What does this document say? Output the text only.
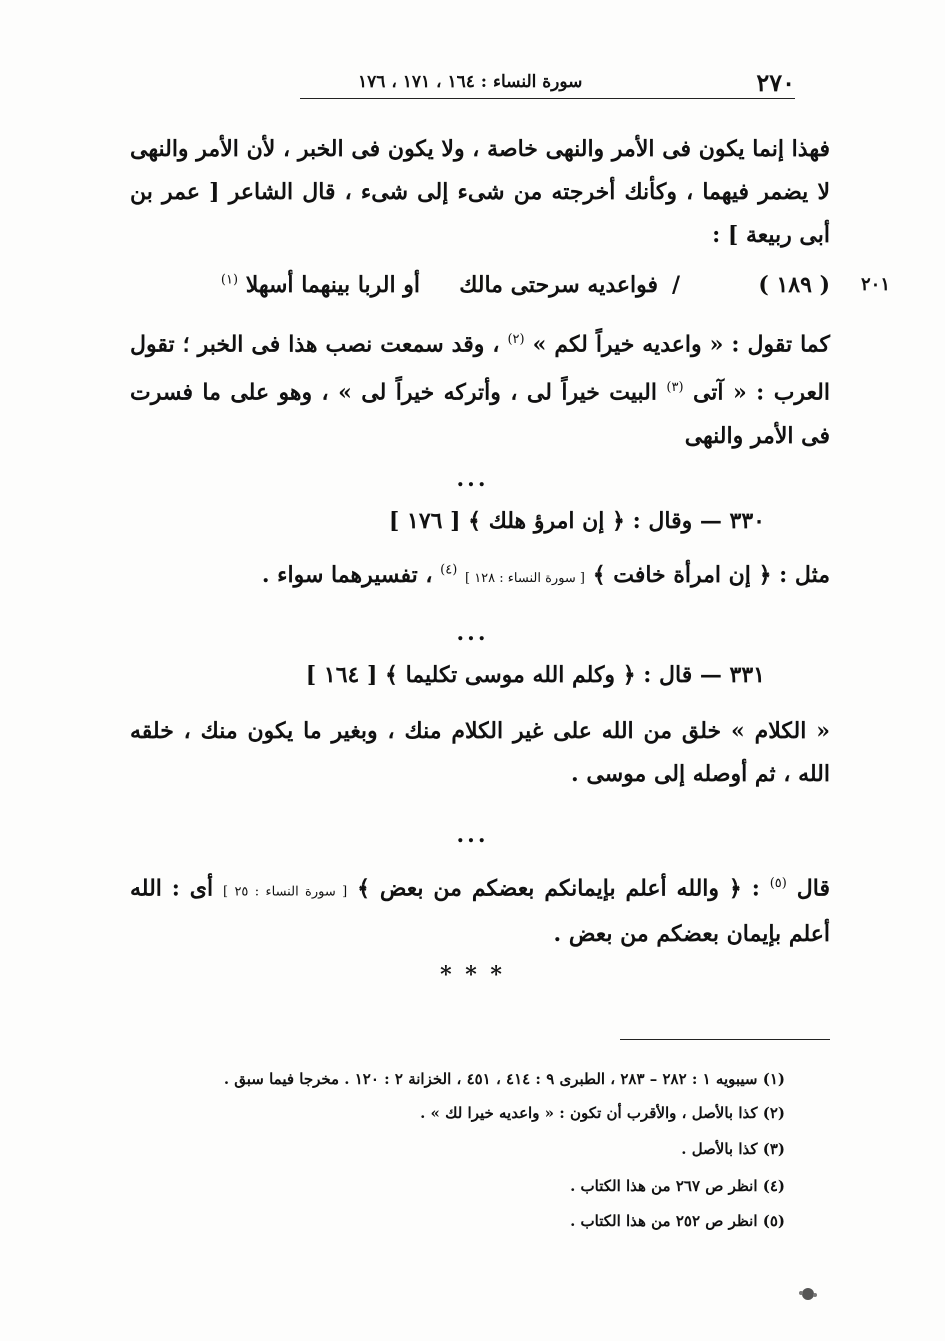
٢٧٠
سورة النساء : ١٦٤ ، ١٧١ ، ١٧٦
فهذا إنما يكون فى الأمر والنهى خاصة ، ولا يكون فى الخبر ، لأن الأمر والنهى لا يضمر فيهما ، وكأنك أخرجته من شىء إلى شىء ، قال الشاعر [ عمر بن أبى ربيعة ] :
٢٠١
( ١٨٩ )
/
فواعديه سرحتى مالك
أو الربا بينهما أسهلا $^{(١)}$
كما تقول : « واعديه خيراً لكم » $^{(٢)}$ ، وقد سمعت نصب هذا فى الخبر ؛ تقول العرب : « آتى $^{(٣)}$ البيت خيراً لى ، وأتركه خيراً لى » ، وهو على ما فسرت فى الأمر والنهى
...
٣٣٠ — وقال : ﴿ إن امرؤ هلك ﴾ [ ١٧٦ ]
مثل : ﴿ إن امرأة خافت ﴾ [ سورة النساء : ١٢٨ ] $^{(٤)}$ ، تفسيرهما سواء .
...
٣٣١ — قال : ﴿ وكلم الله موسى تكليما ﴾ [ ١٦٤ ]
« الكلام » خلق من الله على غير الكلام منك ، وبغير ما يكون منك ، خلقه الله ، ثم أوصله إلى موسى .
...
قال $^{(٥)}$ : ﴿ والله أعلم بإيمانكم بعضكم من بعض ﴾ [ سورة النساء : ٢٥ ] أى : الله أعلم بإيمان بعضكم من بعض .
* * *
(١) سيبويه ١ : ٢٨٢ – ٢٨٣ ، الطبرى ٩ : ٤١٤ ، ٤٥١ ، الخزانة ٢ : ١٢٠ . مخرجا فيما سبق .
(٢) كذا بالأصل ، والأقرب أن تكون : « واعديه خيرا لك » .
(٣) كذا بالأصل .
(٤) انظر ص ٢٦٧ من هذا الكتاب .
(٥) انظر ص ٢٥٢ من هذا الكتاب .
